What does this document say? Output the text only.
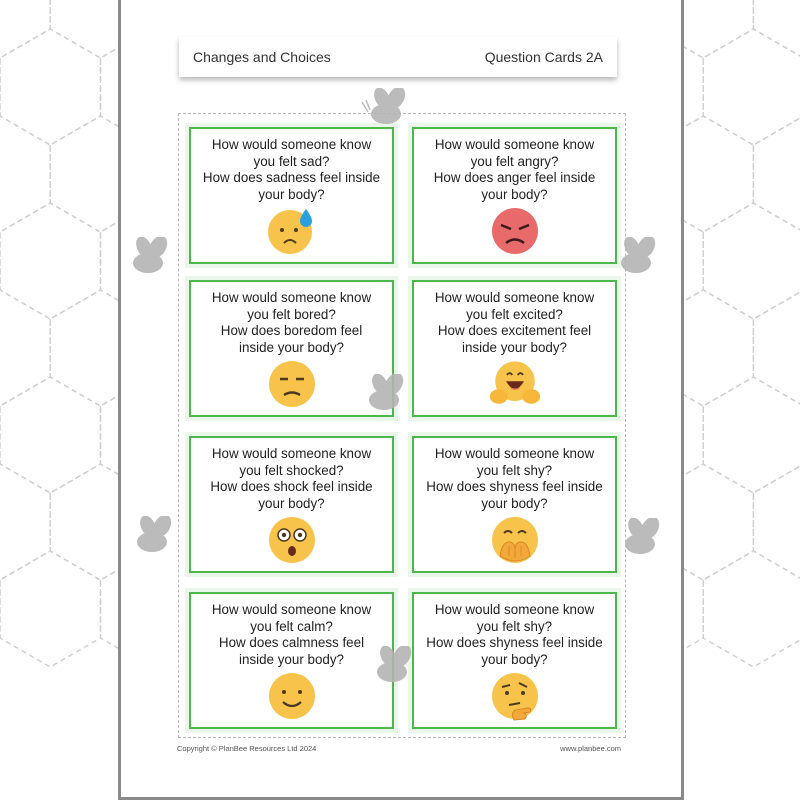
Changes and Choices	Question Cards 2A
How would someone know
you felt sad?
How does sadness feel inside
your body?
How would someone know
you felt angry?
How does anger feel inside
your body?
How would someone know
you felt bored?
How does boredom feel
inside your body?
How would someone know
you felt excited?
How does excitement feel
inside your body?
How would someone know
you felt shocked?
How does shock feel inside
your body?
How would someone know
you felt shy?
How does shyness feel inside
your body?
How would someone know
you felt calm?
How does calmness feel
inside your body?
How would someone know
you felt shy?
How does shyness feel inside
your body?
Copyright © PlanBee Resources Ltd 2024	www.planbee.com
